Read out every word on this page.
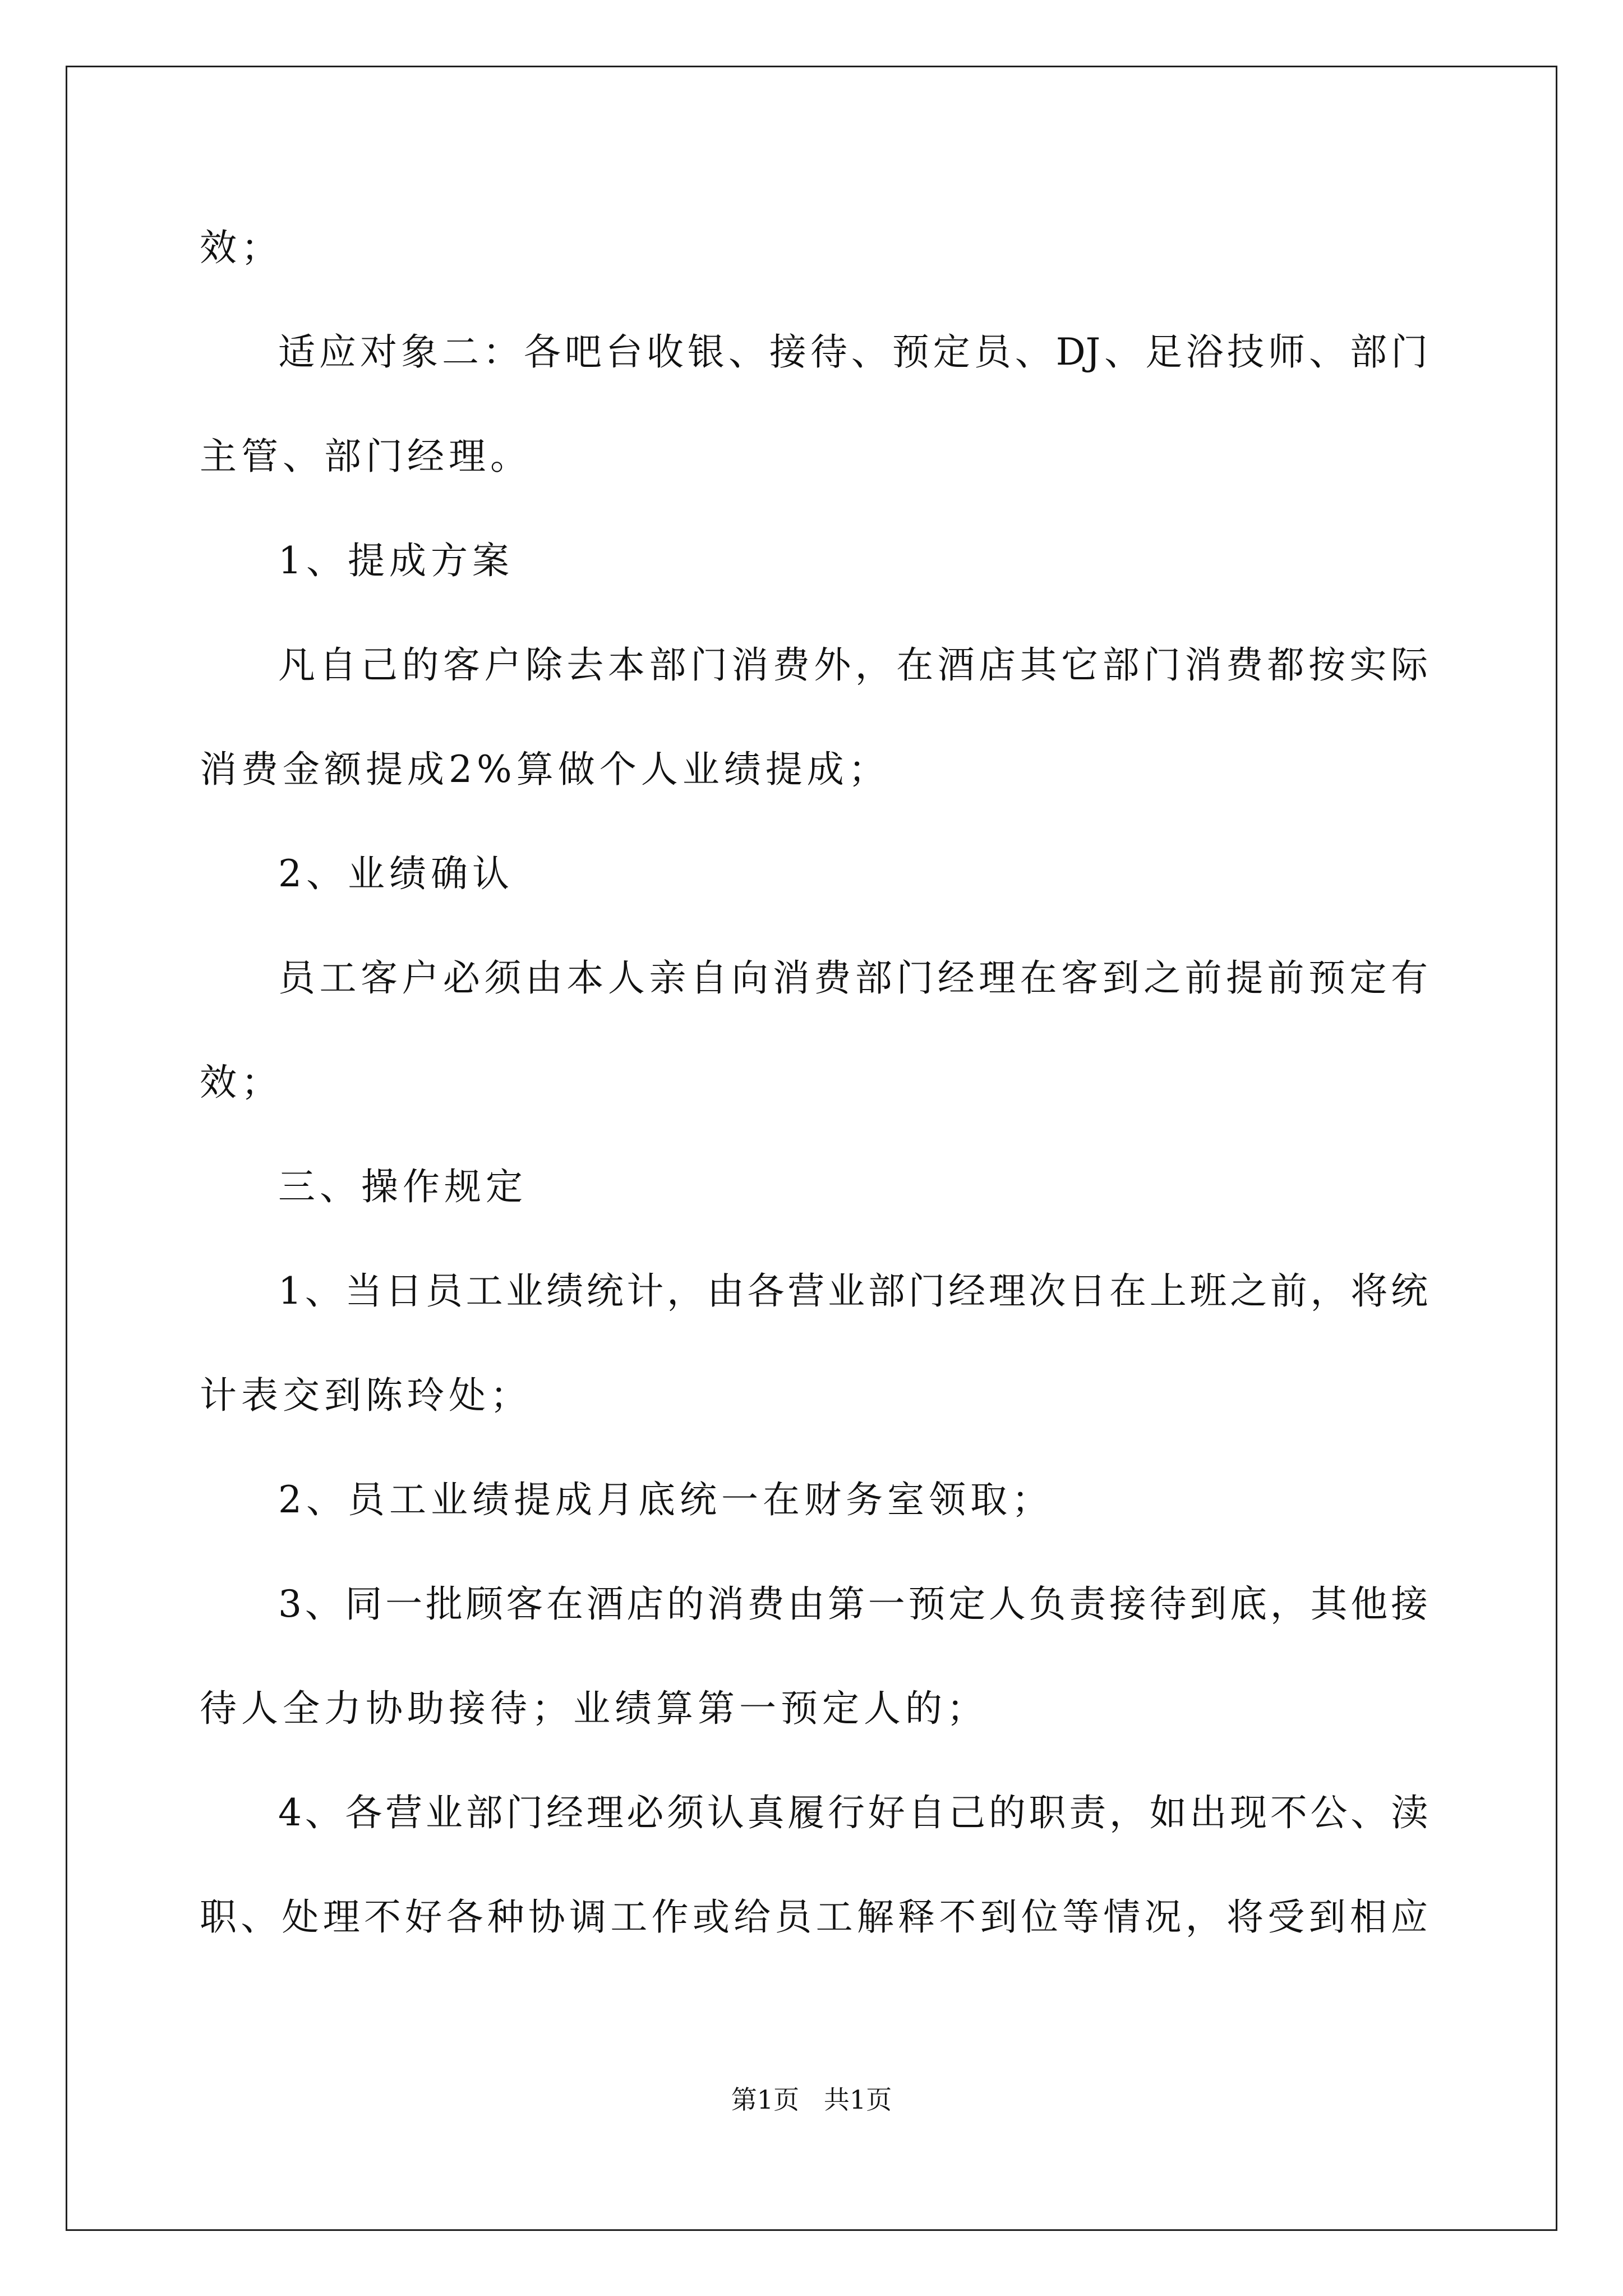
效；
适应对象二：各吧台收银、接待、预定员、DJ、足浴技师、部门
主管、部门经理。
1、提成方案
凡自己的客户除去本部门消费外，在酒店其它部门消费都按实际
消费金额提成2%算做个人业绩提成；
2、业绩确认
员工客户必须由本人亲自向消费部门经理在客到之前提前预定有
效；
三、操作规定
1、当日员工业绩统计，由各营业部门经理次日在上班之前，将统
计表交到陈玲处；
2、员工业绩提成月底统一在财务室领取；
3、同一批顾客在酒店的消费由第一预定人负责接待到底，其他接
待人全力协助接待；业绩算第一预定人的；
4、各营业部门经理必须认真履行好自己的职责，如出现不公、渎
职、处理不好各种协调工作或给员工解释不到位等情况，将受到相应
第1页   共1页
